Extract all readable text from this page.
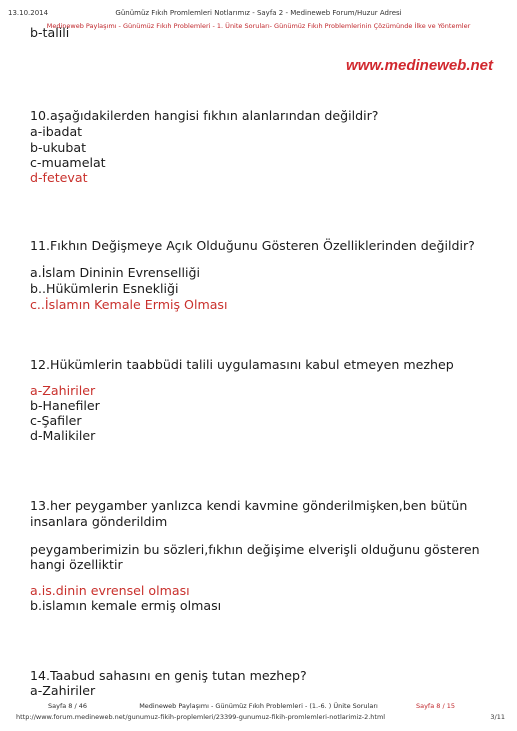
13.10.2014	Günümüz Fıkıh Promlemleri Notlarımız - Sayfa 2 - Medineweb Forum/Huzur Adresi
Medineweb Paylaşımı - Günümüz Fıkıh Problemleri - 1. Ünite Soruları- Günümüz Fıkıh Problemlerinin Çözümünde İlke ve Yöntemler
b-talili
www.medineweb.net
10.aşağıdakilerden hangisi fıkhın alanlarından değildir?
a-ibadat
b-ukubat
c-muamelat
d-fetevat
11.Fıkhın Değişmeye Açık Olduğunu Gösteren Özelliklerinden değildir?
a.İslam Dininin Evrenselliği
b..Hükümlerin Esnekliği
c..İslamın Kemale Ermiş Olması
12.Hükümlerin taabbüdi talili uygulamasını kabul etmeyen mezhep
a-Zahiriler
b-Hanefiler
c-Şafiler
d-Malikiler
13.her peygamber yanlızca kendi kavmine gönderilmişken,ben bütün
insanlara gönderildim
peygamberimizin bu sözleri,fıkhın değişime elverişli olduğunu gösteren
hangi özelliktir
a.is.dinin evrensel olması
b.islamın kemale ermiş olması
14.Taabud sahasını en geniş tutan mezhep?
a-Zahiriler
Sayfa 8 / 46	Medineweb Paylaşımı - Günümüz Fıkıh Problemleri - (1.-6. ) Ünite Soruları	Sayfa 8 / 15
http://www.forum.medineweb.net/gunumuz-fikih-proplemleri/23399-gunumuz-fikih-promlemleri-notlarimiz-2.html	3/11
